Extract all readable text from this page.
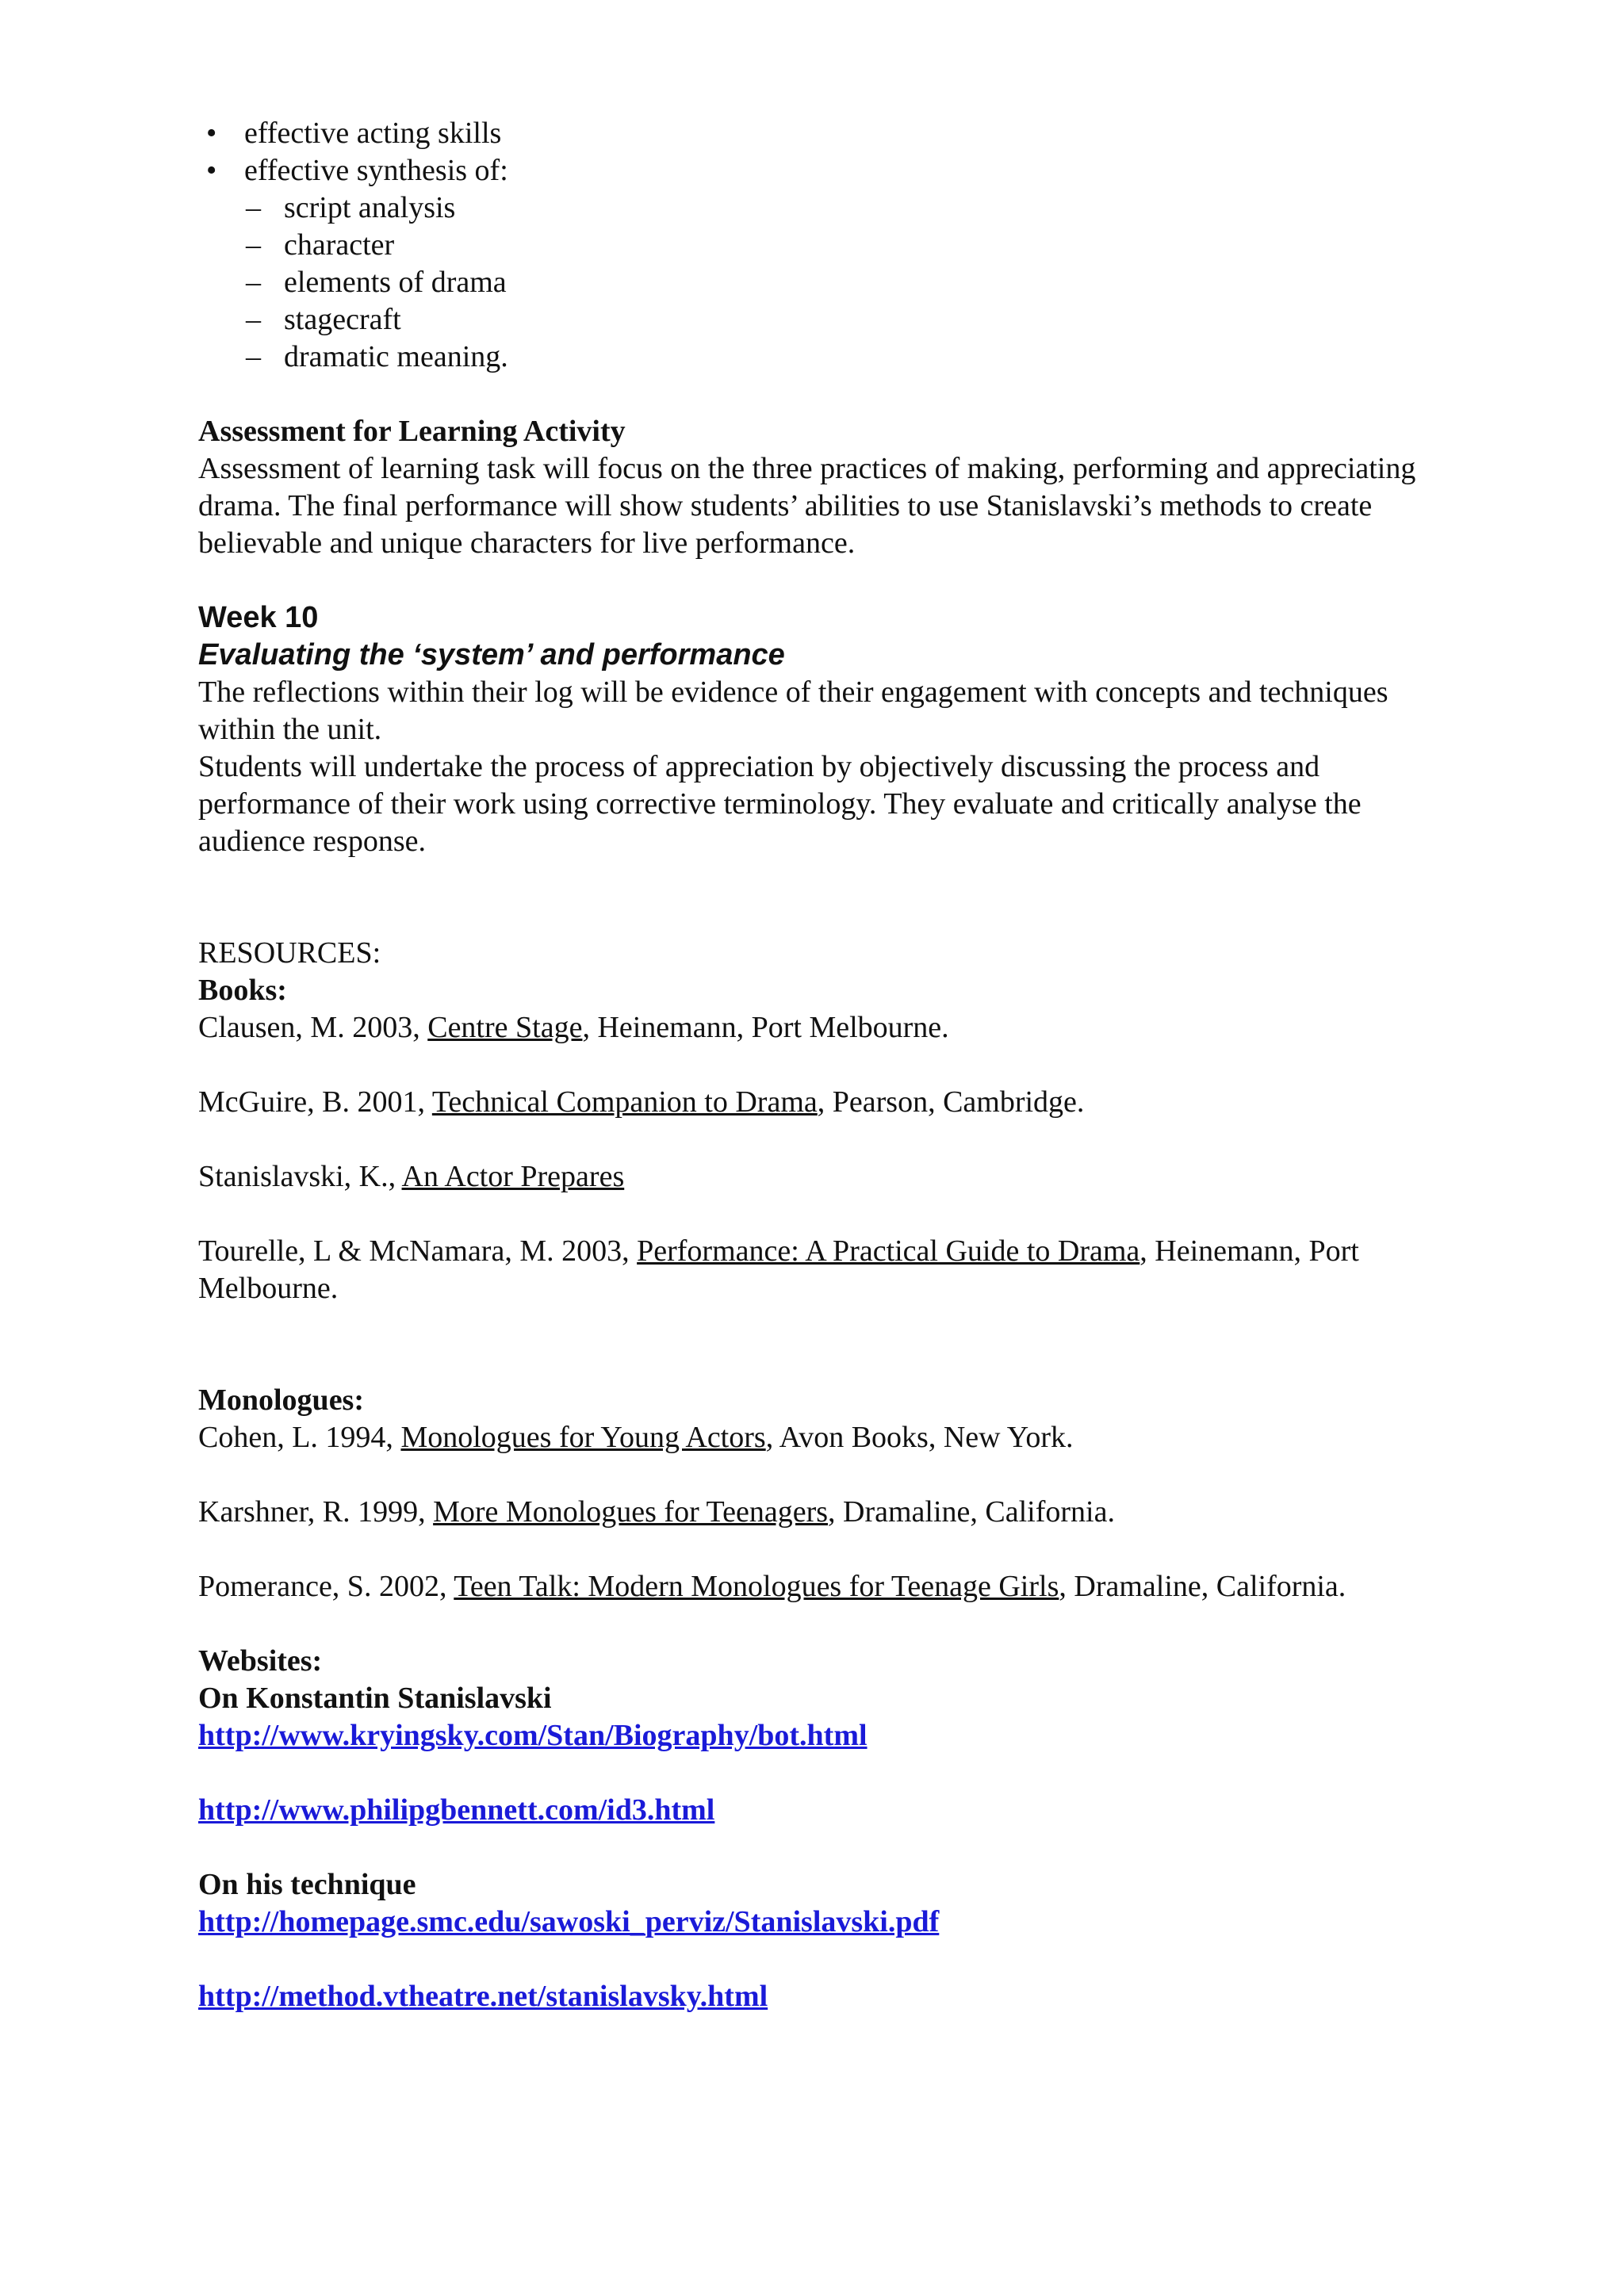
• effective acting skills
• effective synthesis of:
– script analysis
– character
– elements of drama
– stagecraft
– dramatic meaning.
Assessment for Learning Activity

Assessment of learning task will focus on the three practices of making, performing and appreciating drama. The final performance will show students’ abilities to use Stanislavski’s methods to create believable and unique characters for live performance.

Week 10
Evaluating the ‘system’ and performance

The reflections within their log will be evidence of their engagement with concepts and techniques within the unit.

Students will undertake the process of appreciation by objectively discussing the process and performance of their work using corrective terminology. They evaluate and critically analyse the audience response.

RESOURCES:
Books:

Clausen, M. 2003, Centre Stage, Heinemann, Port Melbourne.

McGuire, B. 2001, Technical Companion to Drama, Pearson, Cambridge.

Stanislavski, K., An Actor Prepares

Tourelle, L & McNamara, M. 2003, Performance: A Practical Guide to Drama, Heinemann, Port Melbourne.

Monologues:

Cohen, L. 1994, Monologues for Young Actors, Avon Books, New York.

Karshner, R. 1999, More Monologues for Teenagers, Dramaline, California.

Pomerance, S. 2002, Teen Talk: Modern Monologues for Teenage Girls, Dramaline, California.

Websites:
On Konstantin Stanislavski
http://www.kryingsky.com/Stan/Biography/bot.html
http://www.philipgbennett.com/id3.html
On his technique
http://homepage.smc.edu/sawoski_perviz/Stanislavski.pdf
http://method.vtheatre.net/stanislavsky.html
